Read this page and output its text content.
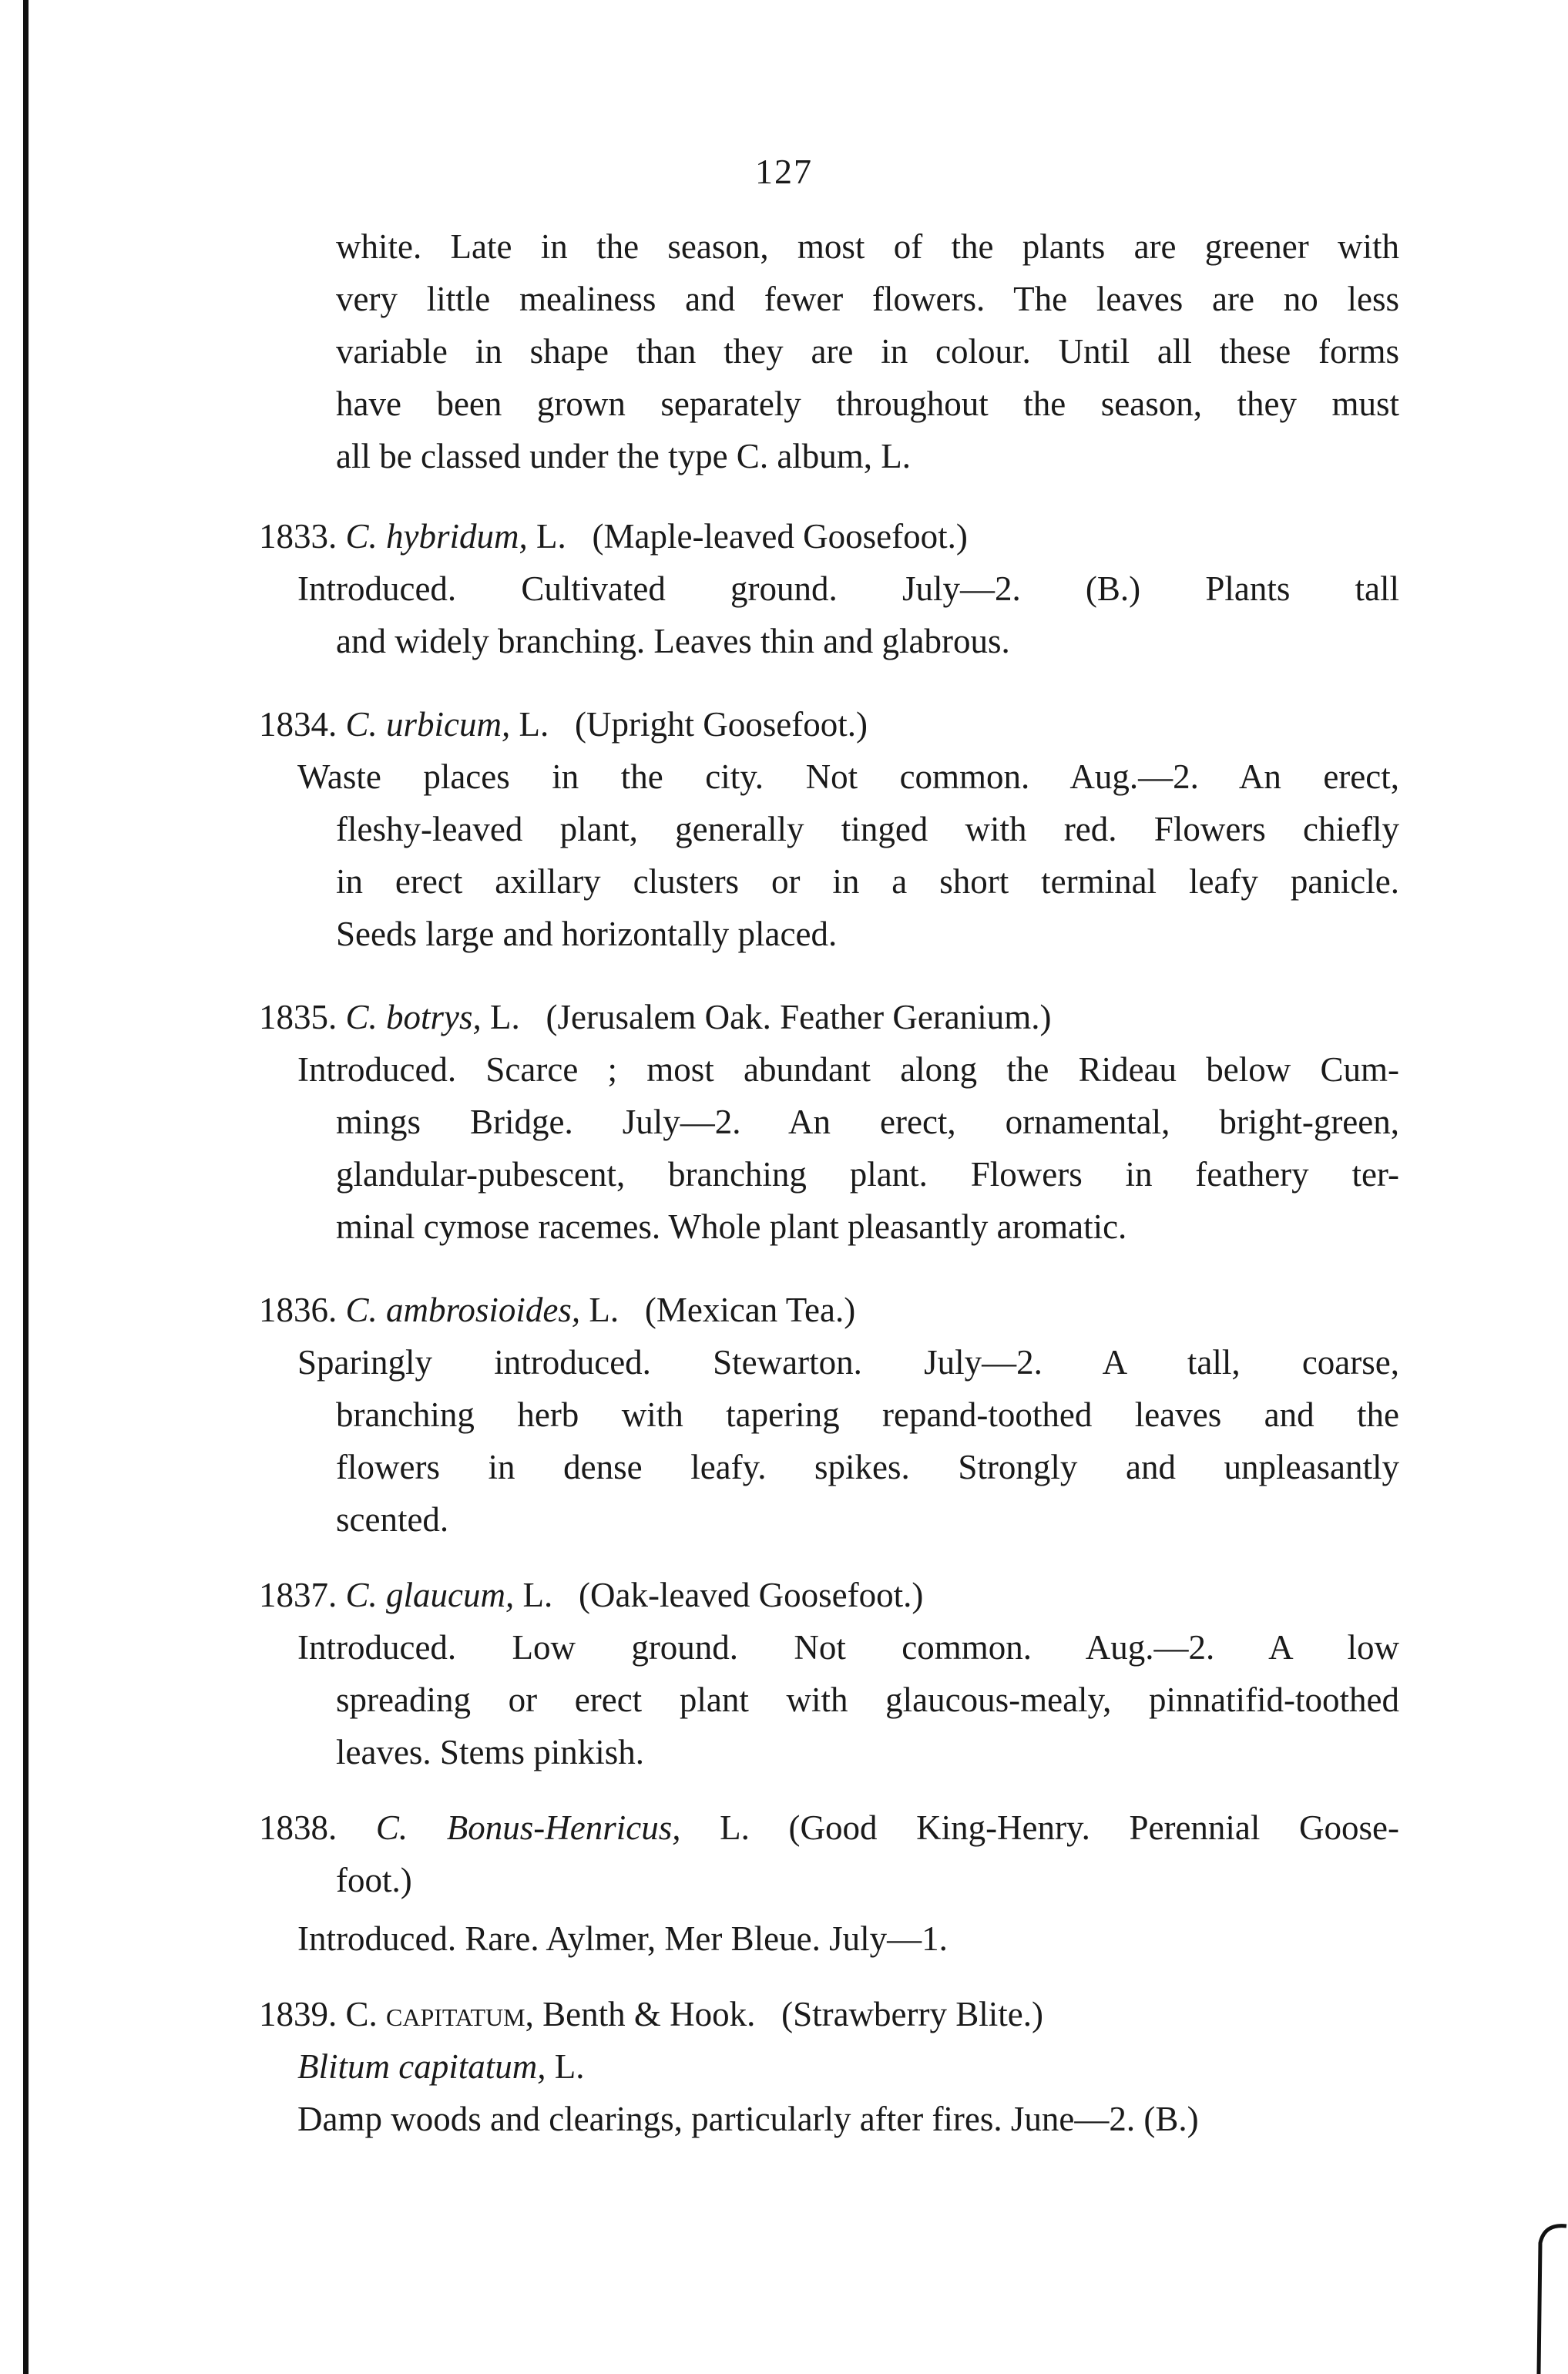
127
white. Late in the season, most of the plants are greener with
very little mealiness and fewer flowers. The leaves are no less
variable in shape than they are in colour. Until all these forms
have been grown separately throughout the season, they must
all be classed under the type C. album, L.
1833. C. hybridum, L. (Maple-leaved Goosefoot.)
Introduced. Cultivated ground. July—2. (B.) Plants tall
and widely branching. Leaves thin and glabrous.
1834. C. urbicum, L. (Upright Goosefoot.)
Waste places in the city. Not common. Aug.—2. An erect,
fleshy-leaved plant, generally tinged with red. Flowers chiefly
in erect axillary clusters or in a short terminal leafy panicle.
Seeds large and horizontally placed.
1835. C. botrys, L. (Jerusalem Oak. Feather Geranium.)
Introduced. Scarce ; most abundant along the Rideau below Cum-
mings Bridge. July—2. An erect, ornamental, bright-green,
glandular-pubescent, branching plant. Flowers in feathery ter-
minal cymose racemes. Whole plant pleasantly aromatic.
1836. C. ambrosioides, L. (Mexican Tea.)
Sparingly introduced. Stewarton. July—2. A tall, coarse,
branching herb with tapering repand-toothed leaves and the
flowers in dense leafy. spikes. Strongly and unpleasantly
scented.
1837. C. glaucum, L. (Oak-leaved Goosefoot.)
Introduced. Low ground. Not common. Aug.—2. A low
spreading or erect plant with glaucous-mealy, pinnatifid-toothed
leaves. Stems pinkish.
1838. C. Bonus-Henricus, L. (Good King-Henry. Perennial Goose-
foot.)
Introduced. Rare. Aylmer, Mer Bleue. July—1.
1839. C. capitatum, Benth & Hook. (Strawberry Blite.)
Blitum capitatum, L.
Damp woods and clearings, particularly after fires. June—2. (B.)
